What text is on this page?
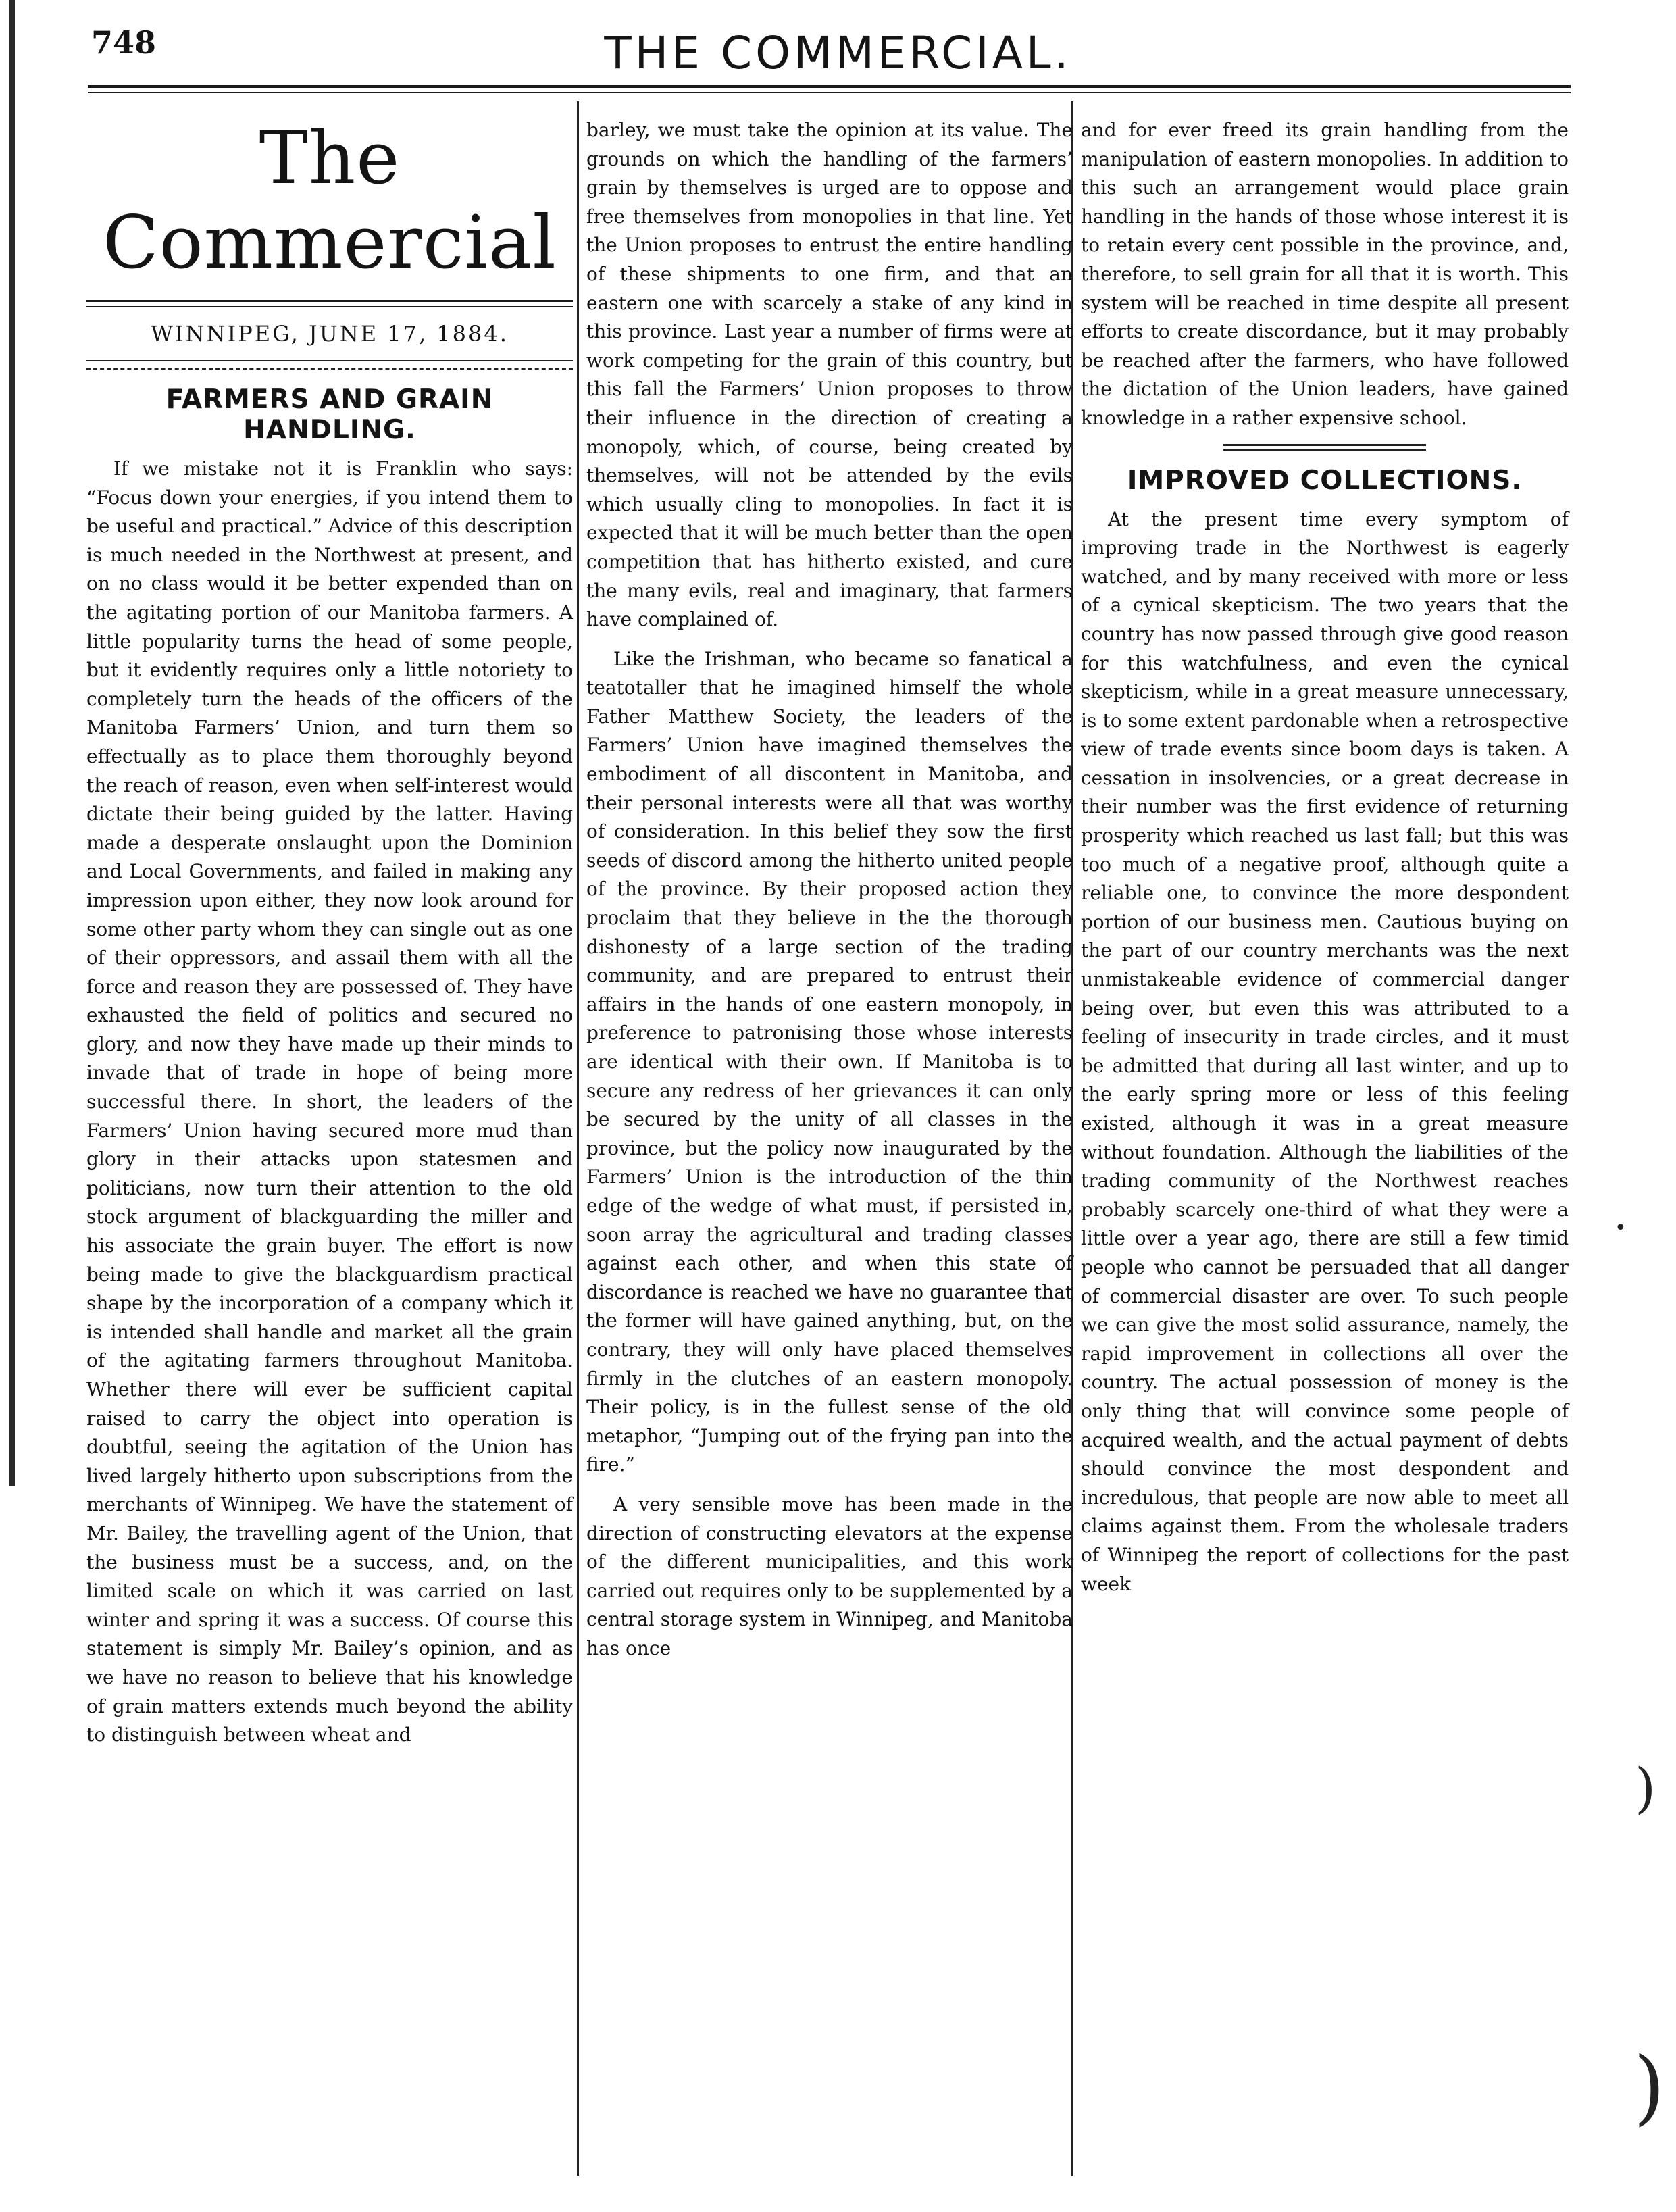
748	THE COMMERCIAL.
The Commercial
WINNIPEG, JUNE 17, 1884.
FARMERS AND GRAIN HANDLING.

If we mistake not it is Franklin who says: “Focus down your energies, if you intend them to be useful and practical.” Advice of this description is much needed in the Northwest at present, and on no class would it be better expended than on the agitating portion of our Manitoba farmers. A little popularity turns the head of some people, but it evidently requires only a little notoriety to completely turn the heads of the officers of the Manitoba Farmers’ Union, and turn them so effectually as to place them thoroughly beyond the reach of reason, even when self-interest would dictate their being guided by the latter. Having made a desperate onslaught upon the Dominion and Local Governments, and failed in making any impression upon either, they now look around for some other party whom they can single out as one of their oppressors, and assail them with all the force and reason they are possessed of. They have exhausted the field of politics and secured no glory, and now they have made up their minds to invade that of trade in hope of being more successful there. In short, the leaders of the Farmers’ Union having secured more mud than glory in their attacks upon statesmen and politicians, now turn their attention to the old stock argument of blackguarding the miller and his associate the grain buyer. The effort is now being made to give the blackguardism practical shape by the incorporation of a company which it is intended shall handle and market all the grain of the agitating farmers throughout Manitoba. Whether there will ever be sufficient capital raised to carry the object into operation is doubtful, seeing the agitation of the Union has lived largely hitherto upon subscriptions from the merchants of Winnipeg. We have the statement of Mr. Bailey, the travelling agent of the Union, that the business must be a success, and, on the limited scale on which it was carried on last winter and spring it was a success. Of course this statement is simply Mr. Bailey’s opinion, and as we have no reason to believe that his knowledge of grain matters extends much beyond the ability to distinguish between wheat and

barley, we must take the opinion at its value. The grounds on which the handling of the farmers’ grain by themselves is urged are to oppose and free themselves from monopolies in that line. Yet the Union proposes to entrust the entire handling of these shipments to one firm, and that an eastern one with scarcely a stake of any kind in this province. Last year a number of firms were at work competing for the grain of this country, but this fall the Farmers’ Union proposes to throw their influence in the direction of creating a monopoly, which, of course, being created by themselves, will not be attended by the evils which usually cling to monopolies. In fact it is expected that it will be much better than the open competition that has hitherto existed, and cure the many evils, real and imaginary, that farmers have complained of.

Like the Irishman, who became so fanatical a teatotaller that he imagined himself the whole Father Matthew Society, the leaders of the Farmers’ Union have imagined themselves the embodiment of all discontent in Manitoba, and their personal interests were all that was worthy of consideration. In this belief they sow the first seeds of discord among the hitherto united people of the province. By their proposed action they proclaim that they believe in the the thorough dishonesty of a large section of the trading community, and are prepared to entrust their affairs in the hands of one eastern monopoly, in preference to patronising those whose interests are identical with their own. If Manitoba is to secure any redress of her grievances it can only be secured by the unity of all classes in the province, but the policy now inaugurated by the Farmers’ Union is the introduction of the thin edge of the wedge of what must, if persisted in, soon array the agricultural and trading classes against each other, and when this state of discordance is reached we have no guarantee that the former will have gained anything, but, on the contrary, they will only have placed themselves firmly in the clutches of an eastern monopoly. Their policy, is in the fullest sense of the old metaphor, “Jumping out of the frying pan into the fire.”

A very sensible move has been made in the direction of constructing elevators at the expense of the different municipalities, and this work carried out requires only to be supplemented by a central storage system in Winnipeg, and Manitoba has once

and for ever freed its grain handling from the manipulation of eastern monopolies. In addition to this such an arrangement would place grain handling in the hands of those whose interest it is to retain every cent possible in the province, and, therefore, to sell grain for all that it is worth. This system will be reached in time despite all present efforts to create discordance, but it may probably be reached after the farmers, who have followed the dictation of the Union leaders, have gained knowledge in a rather expensive school.

IMPROVED COLLECTIONS.

At the present time every symptom of improving trade in the Northwest is eagerly watched, and by many received with more or less of a cynical skepticism. The two years that the country has now passed through give good reason for this watchfulness, and even the cynical skepticism, while in a great measure unnecessary, is to some extent pardonable when a retrospective view of trade events since boom days is taken. A cessation in insolvencies, or a great decrease in their number was the first evidence of returning prosperity which reached us last fall; but this was too much of a negative proof, although quite a reliable one, to convince the more despondent portion of our business men. Cautious buying on the part of our country merchants was the next unmistakeable evidence of commercial danger being over, but even this was attributed to a feeling of insecurity in trade circles, and it must be admitted that during all last winter, and up to the early spring more or less of this feeling existed, although it was in a great measure without foundation. Although the liabilities of the trading community of the Northwest reaches probably scarcely one-third of what they were a little over a year ago, there are still a few timid people who cannot be persuaded that all danger of commercial disaster are over. To such people we can give the most solid assurance, namely, the rapid improvement in collections all over the country. The actual possession of money is the only thing that will convince some people of acquired wealth, and the actual payment of debts should convince the most despondent and incredulous, that people are now able to meet all claims against them. From the wholesale traders of Winnipeg the report of collections for the past week

•
)
)
